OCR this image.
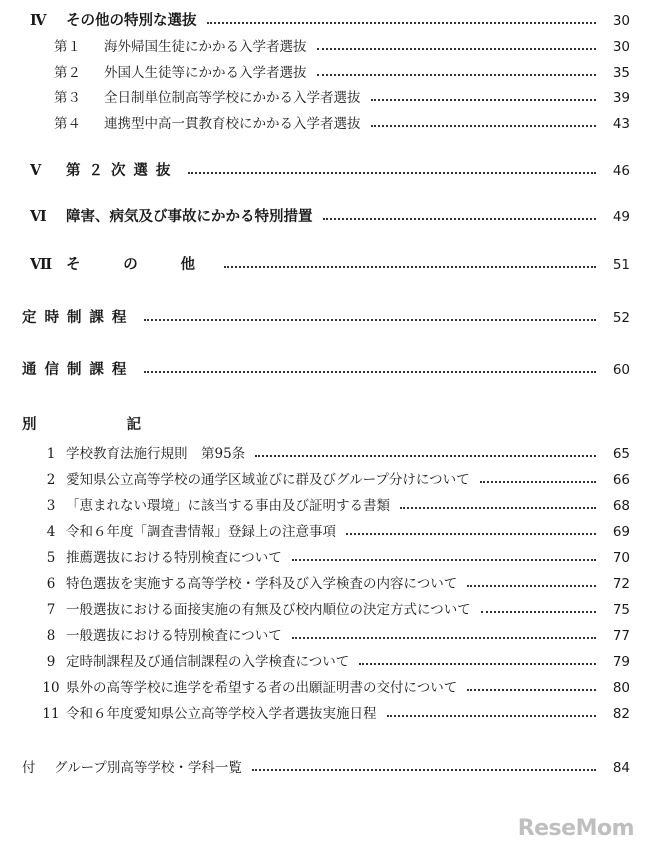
Ⅳ	その他の特別な選抜	30
第１	海外帰国生徒にかかる入学者選抜	30
第２	外国人生徒等にかかる入学者選抜	35
第３	全日制単位制高等学校にかかる入学者選抜	39
第４	連携型中高一貫教育校にかかる入学者選抜	43
Ⅴ	第２次選抜	46
Ⅵ	障害、病気及び事故にかかる特別措置	49
Ⅶ そ の 他	51
定時制課程	52
通信制課程	60
別	記
1 学校教育法施行規則　第95条	65
2 愛知県公立高等学校の通学区域並びに群及びグループ分けについて	66
3 「恵まれない環境」に該当する事由及び証明する書類	68
4 令和６年度「調査書情報」登録上の注意事項	69
5 推薦選抜における特別検査について	70
6 特色選抜を実施する高等学校・学科及び入学検査の内容について	72
7 一般選抜における面接実施の有無及び校内順位の決定方式について	75
8 一般選抜における特別検査について	77
9 定時制課程及び通信制課程の入学検査について	79
10 県外の高等学校に進学を希望する者の出願証明書の交付について	80
11 令和６年度愛知県公立高等学校入学者選抜実施日程	82
付	グループ別高等学校・学科一覧	84
ReseMom
